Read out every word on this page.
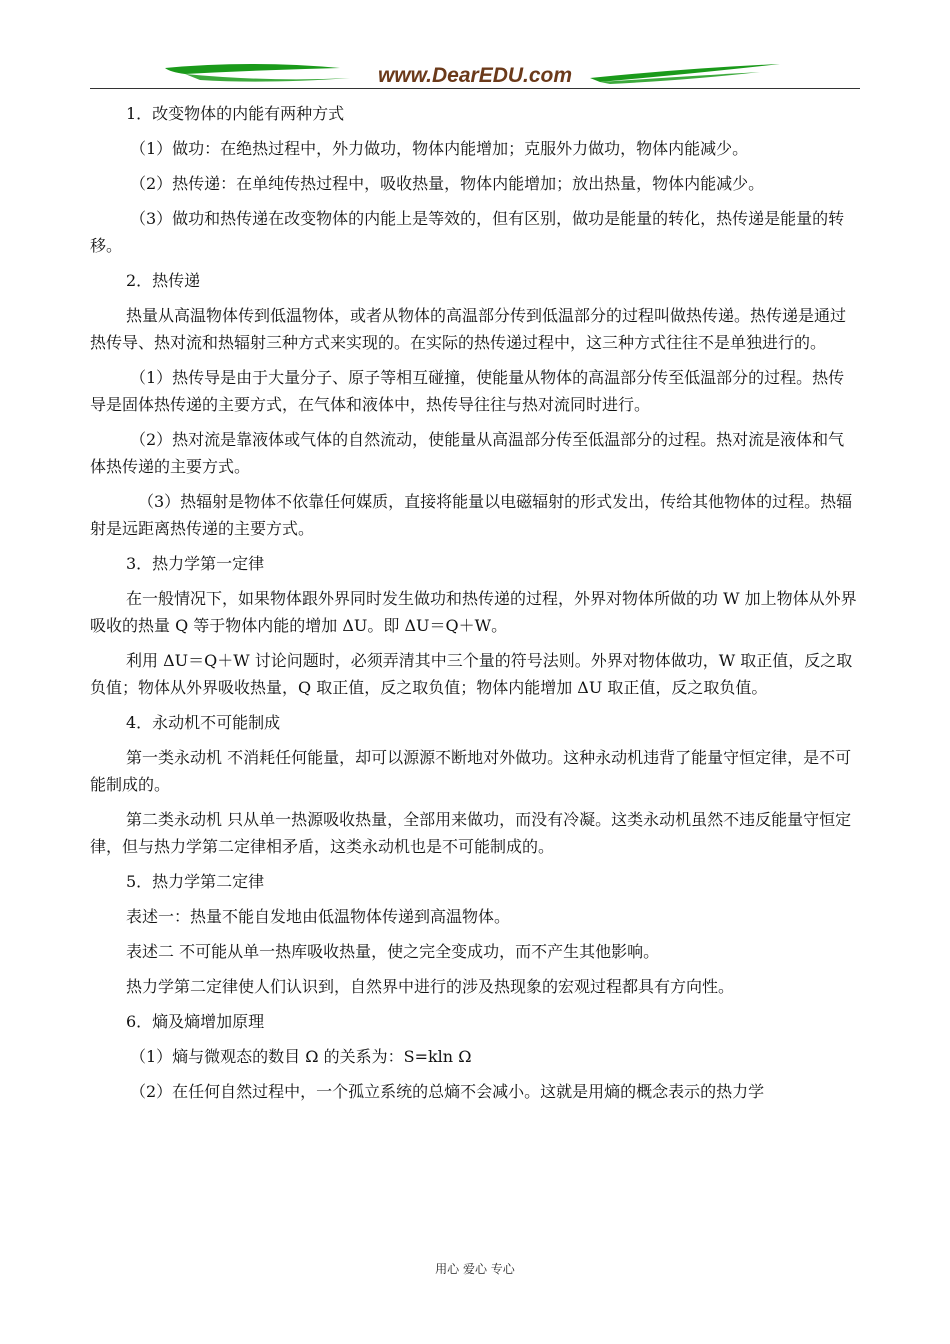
www.DearEDU.com

1．改变物体的内能有两种方式

（1）做功：在绝热过程中，外力做功，物体内能增加；克服外力做功，物体内能减少。

（2）热传递：在单纯传热过程中，吸收热量，物体内能增加；放出热量，物体内能减少。

（3）做功和热传递在改变物体的内能上是等效的，但有区别，做功是能量的转化，热传递是能量的转移。

2．热传递

热量从高温物体传到低温物体，或者从物体的高温部分传到低温部分的过程叫做热传递。热传递是通过热传导、热对流和热辐射三种方式来实现的。在实际的热传递过程中，这三种方式往往不是单独进行的。

（1）热传导是由于大量分子、原子等相互碰撞，使能量从物体的高温部分传至低温部分的过程。热传导是固体热传递的主要方式，在气体和液体中，热传导往往与热对流同时进行。

（2）热对流是靠液体或气体的自然流动，使能量从高温部分传至低温部分的过程。热对流是液体和气体热传递的主要方式。

（3）热辐射是物体不依靠任何媒质，直接将能量以电磁辐射的形式发出，传给其他物体的过程。热辐射是远距离热传递的主要方式。

3．热力学第一定律

在一般情况下，如果物体跟外界同时发生做功和热传递的过程，外界对物体所做的功 W 加上物体从外界吸收的热量 Q 等于物体内能的增加 ΔU。即 ΔU＝Q＋W。

利用 ΔU＝Q＋W 讨论问题时，必须弄清其中三个量的符号法则。外界对物体做功，W 取正值，反之取负值；物体从外界吸收热量，Q 取正值，反之取负值；物体内能增加 ΔU 取正值，反之取负值。

4．永动机不可能制成

第一类永动机 不消耗任何能量，却可以源源不断地对外做功。这种永动机违背了能量守恒定律，是不可能制成的。

第二类永动机 只从单一热源吸收热量，全部用来做功，而没有冷凝。这类永动机虽然不违反能量守恒定律，但与热力学第二定律相矛盾，这类永动机也是不可能制成的。

5．热力学第二定律

表述一：热量不能自发地由低温物体传递到高温物体。

表述二 不可能从单一热库吸收热量，使之完全变成功，而不产生其他影响。

热力学第二定律使人们认识到，自然界中进行的涉及热现象的宏观过程都具有方向性。

6．熵及熵增加原理

（1）熵与微观态的数目 Ω 的关系为：S=kln Ω

（2）在任何自然过程中，一个孤立系统的总熵不会减小。这就是用熵的概念表示的热力学

用心 爱心 专心
